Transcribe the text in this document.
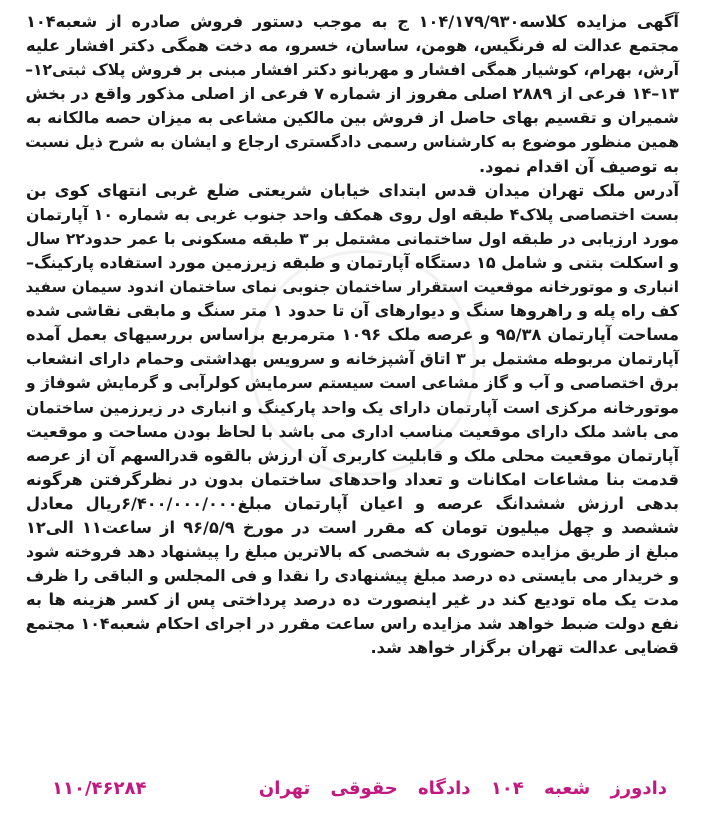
آگهی مزایده کلاسه۱۰۴/۱۷۹/۹۳۰ ج به موجب دستور فروش صادره از شعبه۱۰۴
مجتمع عدالت له فرنگیس، هومن، ساسان، خسرو، مه دخت همگی دکتر افشار علیه
آرش، بهرام، کوشیار همگی افشار و مهربانو دکتر افشار مبنی بر فروش پلاک ثبتی۱۲–
۱۳–۱۴ فرعی از ۲۸۸۹ اصلی مفروز از شماره ۷ فرعی از اصلی مذکور واقع در بخش
شمیران و تقسیم بهای حاصل از فروش بین مالکین مشاعی به میزان حصه مالکانه به
همین منظور موضوع به کارشناس رسمی دادگستری ارجاع و ایشان به شرح ذیل نسبت
به توصیف آن اقدام نمود.
آدرس ملک تهران میدان قدس ابتدای خیابان شریعتی ضلع غربی انتهای کوی بن
بست اختصاصی پلاک۴ طبقه اول روی همکف واحد جنوب غربی به شماره ۱۰ آپارتمان
مورد ارزیابی در طبقه اول ساختمانی مشتمل بر ۳ طبقه مسکونی با عمر حدود۲۲ سال
و اسکلت بتنی و شامل ۱۵ دستگاه آپارتمان و طبقه زیرزمین مورد استفاده پارکینگ–
انباری و موتورخانه موقعیت استقرار ساختمان جنوبی نمای ساختمان اندود سیمان سفید
کف راه پله و راهروها سنگ و دیوارهای آن تا حدود ۱ متر سنگ و مابقی نقاشی شده
مساحت آپارتمان ۹۵/۳۸ و عرصه ملک ۱۰۹۶ مترمربع براساس بررسیهای بعمل آمده
آپارتمان مربوطه مشتمل بر ۳ اتاق آشپزخانه و سرویس بهداشتی وحمام دارای انشعاب
برق اختصاصی و آب و گاز مشاعی است سیستم سرمایش کولرآبی و گرمایش شوفاژ و
موتورخانه مرکزی است آپارتمان دارای یک واحد پارکینگ و انباری در زیرزمین ساختمان
می باشد ملک دارای موقعیت مناسب اداری می باشد با لحاظ بودن مساحت و موقعیت
آپارتمان موقعیت محلی ملک و قابلیت کاربری آن ارزش بالقوه قدرالسهم آن از عرصه
قدمت بنا مشاعات امکانات و تعداد واحدهای ساختمان بدون در نظرگرفتن هرگونه
بدهی ارزش ششدانگ عرصه و اعیان آپارتمان مبلغ۶/۴۰۰/۰۰۰/۰۰۰ریال معادل
ششصد و چهل میلیون تومان که مقرر است در مورخ ۹۶/۵/۹ از ساعت۱۱ الی۱۲
مبلغ از طریق مزایده حضوری به شخصی که بالاترین مبلغ را پیشنهاد دهد فروخته شود
و خریدار می بایستی ده درصد مبلغ پیشنهادی را نقدا و فی المجلس و الباقی را ظرف
مدت یک ماه تودیع کند در غیر اینصورت ده درصد پرداختی پس از کسر هزینه ها به
نفع دولت ضبط خواهد شد مزایده راس ساعت مقرر در اجرای احکام شعبه۱۰۴ مجتمع
قضایی عدالت تهران برگزار خواهد شد.
دادورز شعبه ۱۰۴ دادگاه حقوقی تهران
۱۱۰/۴۶۲۸۴
